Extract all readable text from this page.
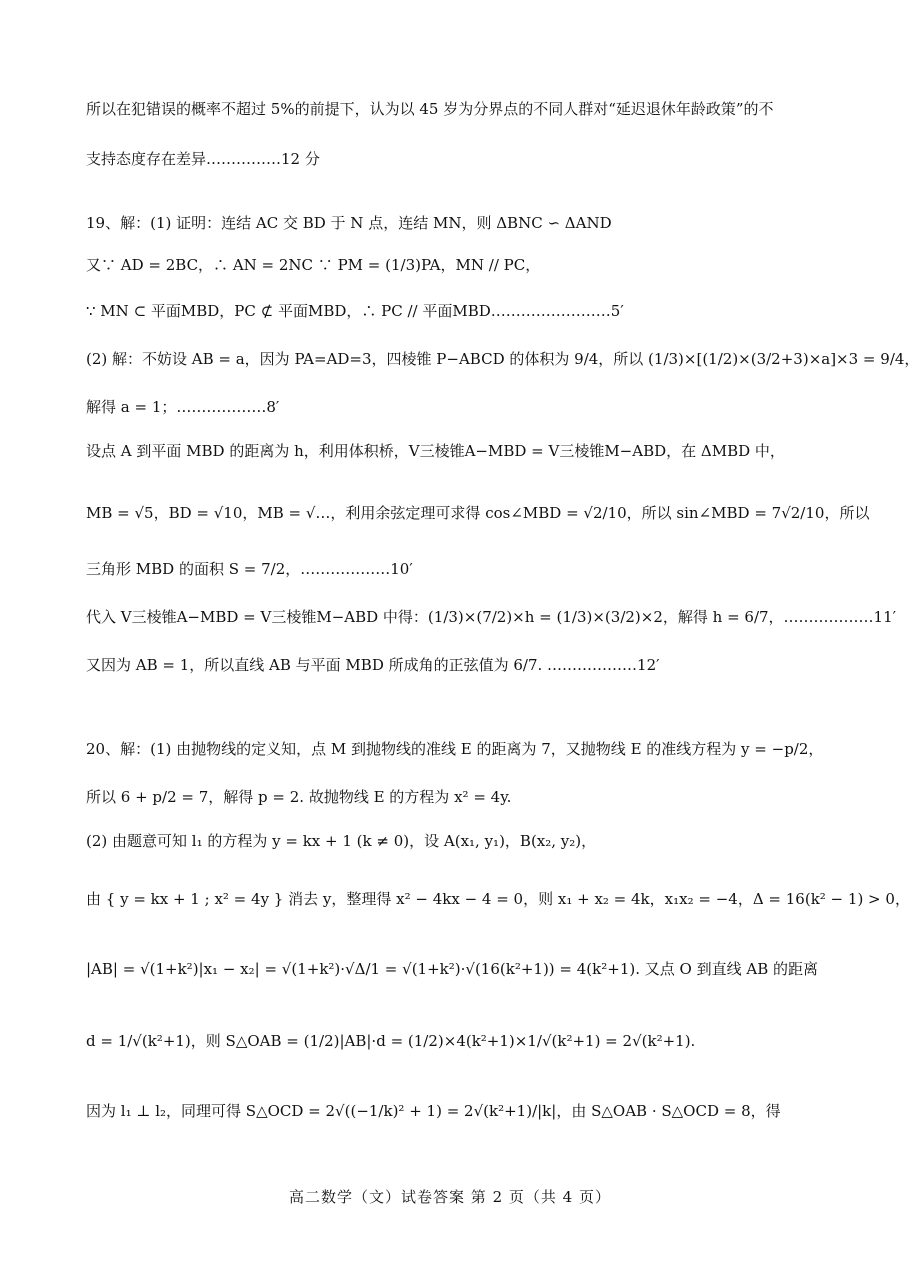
所以在犯错误的概率不超过 5%的前提下，认为以 45 岁为分界点的不同人群对“延迟退休年龄政策”的不
支持态度存在差异……………12 分
19、解：(1) 证明：连结 AC 交 BD 于 N 点，连结 MN，则 ΔBNC ∽ ΔAND
又∵ AD = 2BC，∴ AN = 2NC ∵ PM = (1/3)PA，MN // PC，
∵ MN ⊂ 平面MBD，PC ⊄ 平面MBD，∴ PC // 平面MBD……………………5′
(2) 解：不妨设 AB = a，因为 PA=AD=3，四棱锥 P−ABCD 的体积为 9/4，所以 (1/3)×[(1/2)×(3/2+3)×a]×3 = 9/4，
解得 a = 1；………………8′
设点 A 到平面 MBD 的距离为 h，利用体积桥，V三棱锥A−MBD = V三棱锥M−ABD，在 ΔMBD 中，
MB = √5，BD = √10，MB = √…，利用余弦定理可求得 cos∠MBD = √2/10，所以 sin∠MBD = 7√2/10，所以
三角形 MBD 的面积 S = 7/2，………………10′
代入 V三棱锥A−MBD = V三棱锥M−ABD 中得：(1/3)×(7/2)×h = (1/3)×(3/2)×2，解得 h = 6/7，………………11′
又因为 AB = 1，所以直线 AB 与平面 MBD 所成角的正弦值为 6/7. ………………12′
20、解：(1) 由抛物线的定义知，点 M 到抛物线的准线 E 的距离为 7，又抛物线 E 的准线方程为 y = −p/2，
所以 6 + p/2 = 7，解得 p = 2. 故抛物线 E 的方程为 x² = 4y.
(2) 由题意可知 l₁ 的方程为 y = kx + 1 (k ≠ 0)，设 A(x₁, y₁)，B(x₂, y₂)，
由 { y = kx + 1 ; x² = 4y } 消去 y，整理得 x² − 4kx − 4 = 0，则 x₁ + x₂ = 4k，x₁x₂ = −4，Δ = 16(k² − 1) > 0，
|AB| = √(1+k²)|x₁ − x₂| = √(1+k²)·√Δ/1 = √(1+k²)·√(16(k²+1)) = 4(k²+1). 又点 O 到直线 AB 的距离
d = 1/√(k²+1)，则 S△OAB = (1/2)|AB|·d = (1/2)×4(k²+1)×1/√(k²+1) = 2√(k²+1).
因为 l₁ ⊥ l₂，同理可得 S△OCD = 2√((−1/k)² + 1) = 2√(k²+1)/|k|，由 S△OAB · S△OCD = 8，得
高二数学（文）试卷答案 第 2 页（共 4 页）
